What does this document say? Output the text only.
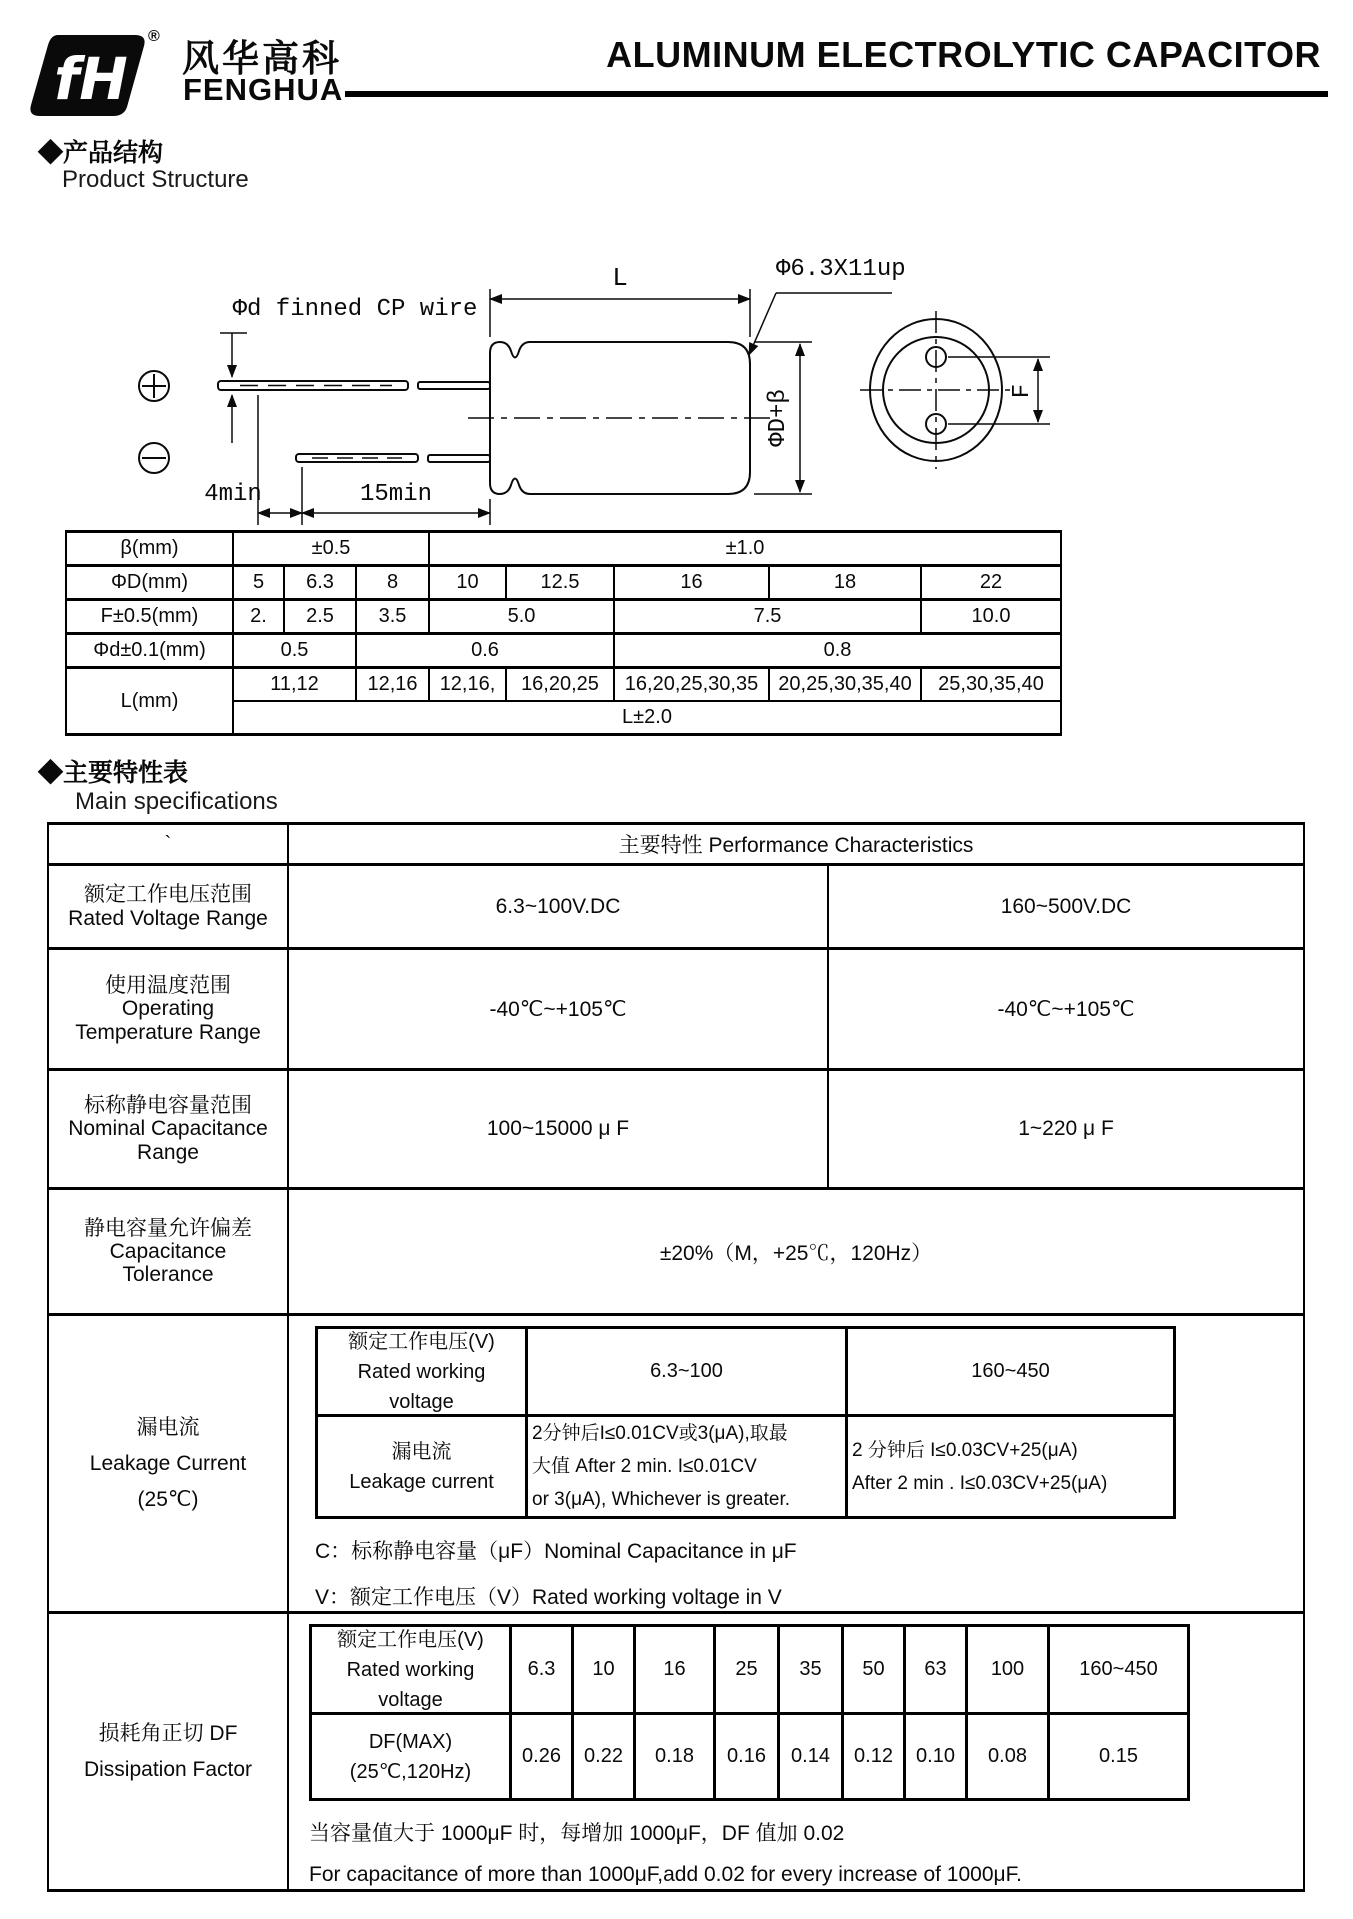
fH
®
风华高科
FENGHUA
ALUMINUM ELECTROLYTIC CAPACITOR
◆产品结构
Product Structure
Φd finned CP wire
L	Φ6.3X11up
ΦD+β	F
4min	15min
β(mm)	±0.5			±1.0				
ΦD(mm)	5	6.3	8	10	12.5	16	18	22
F±0.5(mm)	2.	2.5	3.5	5.0		7.5		10.0
Φd±0.1(mm)	0.5		0.6			0.8		
L(mm)	11,12		12,16	12,16,	16,20,25	16,20,25,30,35	20,25,30,35,40	25,30,35,40
	L±2.0							
◆主要特性表
Main specifications
`	主要特性 Performance Characteristics

额定工作电压范围
Rated Voltage Range
	6.3~100V.DC	160~500V.DC

使用温度范围
Operating
Temperature Range
	-40℃~+105℃	-40℃~+105℃

标称静电容量范围
Nominal Capacitance
Range
	100~15000 μ F	1~220 μ F

静电容量允许偏差
Capacitance
Tolerance
	±20%（M，+25℃，120Hz）

漏电流
Leakage Current
(25℃)

额定工作电压(V)
Rated working
voltage
	6.3~100	160~450

漏电流
Leakage current

2分钟后I≤0.01CV或3(μA),取最
大值 After 2 min. I≤0.01CV
or 3(μA), Whichever is greater.

2 分钟后 I≤0.03CV+25(μA)
After 2 min . I≤0.03CV+25(μA)
C：标称静电容量（μF）Nominal Capacitance in μF
V：额定工作电压（V）Rated working voltage in V

损耗角正切 DF
Dissipation Factor

额定工作电压(V)
Rated working
voltage
	6.3	10	16	25	35	50	63	100	160~450

DF(MAX)
(25℃,120Hz)
	0.26	0.22	0.18	0.16	0.14	0.12	0.10	0.08	0.15
当容量值大于 1000μF 时，每增加 1000μF，DF 值加 0.02
For capacitance of more than 1000μF,add 0.02 for every increase of 1000μF.
